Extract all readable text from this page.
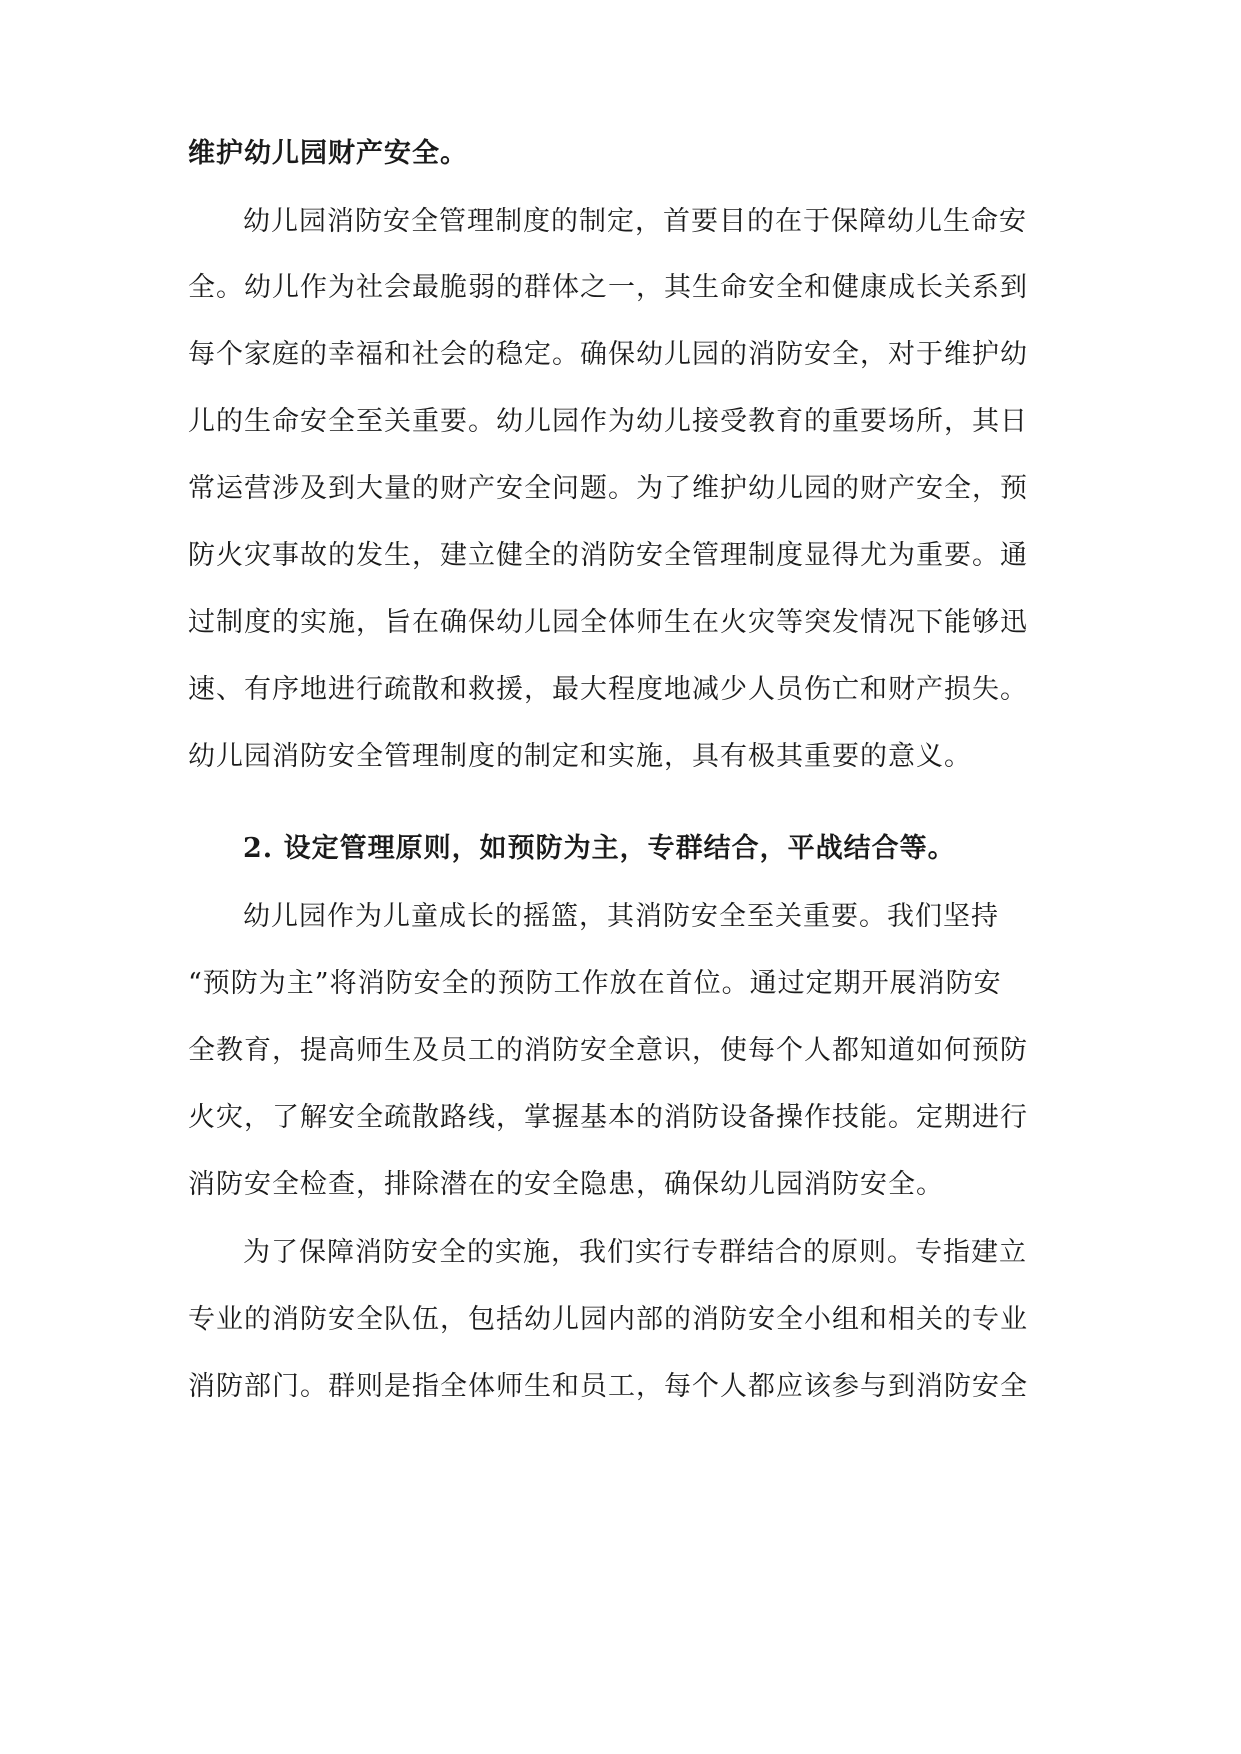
维护幼儿园财产安全。
幼儿园消防安全管理制度的制定，首要目的在于保障幼儿生命安
全。幼儿作为社会最脆弱的群体之一，其生命安全和健康成长关系到
每个家庭的幸福和社会的稳定。确保幼儿园的消防安全，对于维护幼
儿的生命安全至关重要。幼儿园作为幼儿接受教育的重要场所，其日
常运营涉及到大量的财产安全问题。为了维护幼儿园的财产安全，预
防火灾事故的发生，建立健全的消防安全管理制度显得尤为重要。通
过制度的实施，旨在确保幼儿园全体师生在火灾等突发情况下能够迅
速、有序地进行疏散和救援，最大程度地减少人员伤亡和财产损失。
幼儿园消防安全管理制度的制定和实施，具有极其重要的意义。
2. 设定管理原则，如预防为主，专群结合，平战结合等。
幼儿园作为儿童成长的摇篮，其消防安全至关重要。我们坚持
“预防为主”将消防安全的预防工作放在首位。通过定期开展消防安
全教育，提高师生及员工的消防安全意识，使每个人都知道如何预防
火灾，了解安全疏散路线，掌握基本的消防设备操作技能。定期进行
消防安全检查，排除潜在的安全隐患，确保幼儿园消防安全。
为了保障消防安全的实施，我们实行专群结合的原则。专指建立
专业的消防安全队伍，包括幼儿园内部的消防安全小组和相关的专业
消防部门。群则是指全体师生和员工，每个人都应该参与到消防安全
